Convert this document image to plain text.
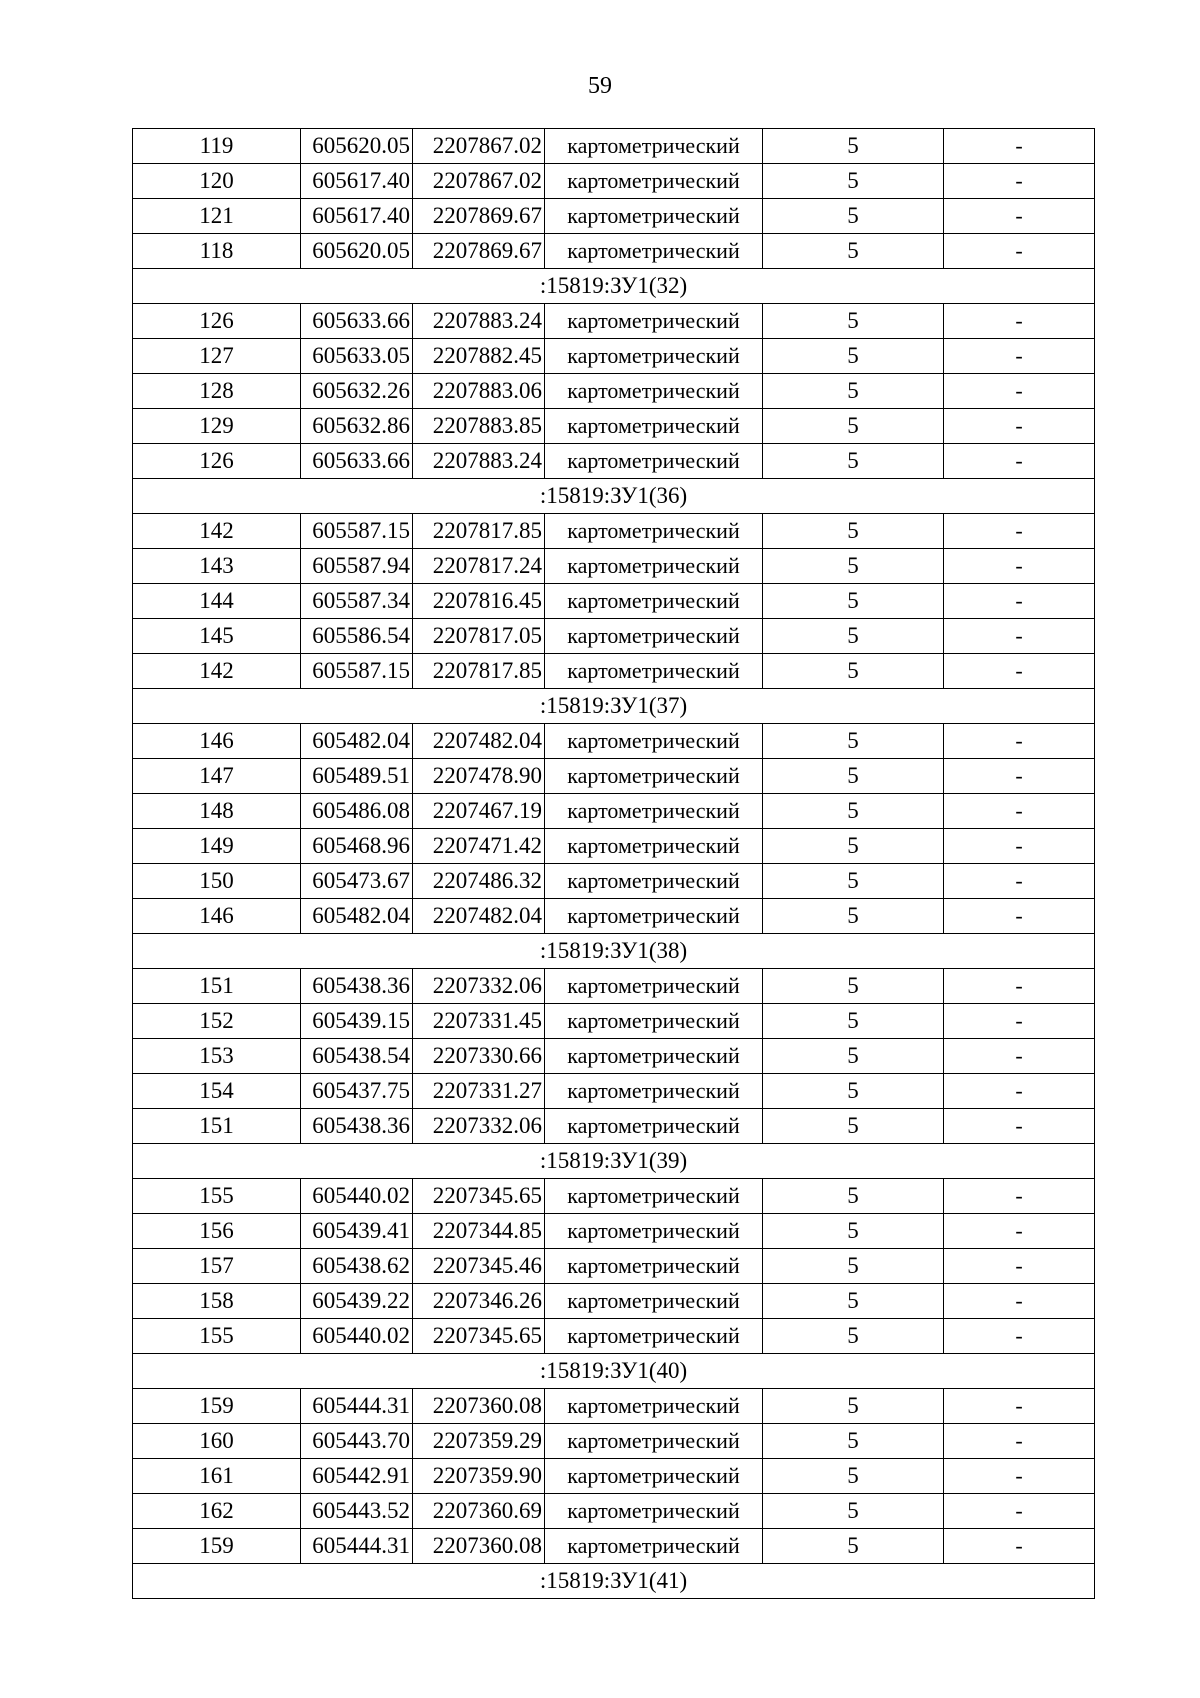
59
119	605620.05	2207867.02	картометрический	5	-
120	605617.40	2207867.02	картометрический	5	-
121	605617.40	2207869.67	картометрический	5	-
118	605620.05	2207869.67	картометрический	5	-
:15819:ЗУ1(32)					
126	605633.66	2207883.24	картометрический	5	-
127	605633.05	2207882.45	картометрический	5	-
128	605632.26	2207883.06	картометрический	5	-
129	605632.86	2207883.85	картометрический	5	-
126	605633.66	2207883.24	картометрический	5	-
:15819:ЗУ1(36)					
142	605587.15	2207817.85	картометрический	5	-
143	605587.94	2207817.24	картометрический	5	-
144	605587.34	2207816.45	картометрический	5	-
145	605586.54	2207817.05	картометрический	5	-
142	605587.15	2207817.85	картометрический	5	-
:15819:ЗУ1(37)					
146	605482.04	2207482.04	картометрический	5	-
147	605489.51	2207478.90	картометрический	5	-
148	605486.08	2207467.19	картометрический	5	-
149	605468.96	2207471.42	картометрический	5	-
150	605473.67	2207486.32	картометрический	5	-
146	605482.04	2207482.04	картометрический	5	-
:15819:ЗУ1(38)					
151	605438.36	2207332.06	картометрический	5	-
152	605439.15	2207331.45	картометрический	5	-
153	605438.54	2207330.66	картометрический	5	-
154	605437.75	2207331.27	картометрический	5	-
151	605438.36	2207332.06	картометрический	5	-
:15819:ЗУ1(39)					
155	605440.02	2207345.65	картометрический	5	-
156	605439.41	2207344.85	картометрический	5	-
157	605438.62	2207345.46	картометрический	5	-
158	605439.22	2207346.26	картометрический	5	-
155	605440.02	2207345.65	картометрический	5	-
:15819:ЗУ1(40)					
159	605444.31	2207360.08	картометрический	5	-
160	605443.70	2207359.29	картометрический	5	-
161	605442.91	2207359.90	картометрический	5	-
162	605443.52	2207360.69	картометрический	5	-
159	605444.31	2207360.08	картометрический	5	-
:15819:ЗУ1(41)					
